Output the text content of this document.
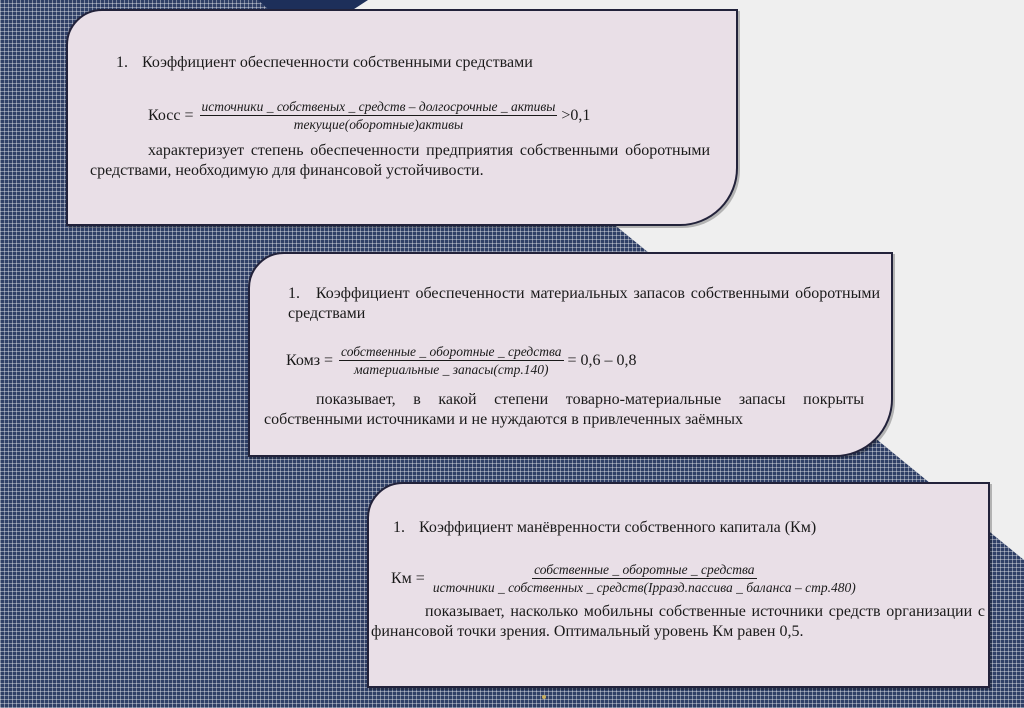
1. Коэффициент обеспеченности собственными средствами
Косс = $\frac{\text{источники \_ собственых \_ средств – долгосрочные \_ активы}}{\text{текущие(оборотные)активы}} >0,1$
характеризует степень обеспеченности предприятия собственными оборотными средствами, необходимую для финансовой устойчивости.
1. Коэффициент обеспеченности материальных запасов собственными оборотными средствами
Комз = $\frac{\text{собственные \_ оборотные \_ средства}}{\text{материальные \_ запасы(стр.140)}} = 0,6 - 0,8$
показывает, в какой степени товарно-материальные запасы покрыты собственными источниками и не нуждаются в привлеченных заёмных
1. Коэффициент манёвренности собственного капитала (Км)
Км =	собственные _ оборотные _ средства
источники _ собственных _ средств(Ірразд.пассива _ баланса – стр.480)
показывает, насколько мобильны собственные источники средств организации с финансовой точки зрения. Оптимальный уровень Км равен 0,5.
